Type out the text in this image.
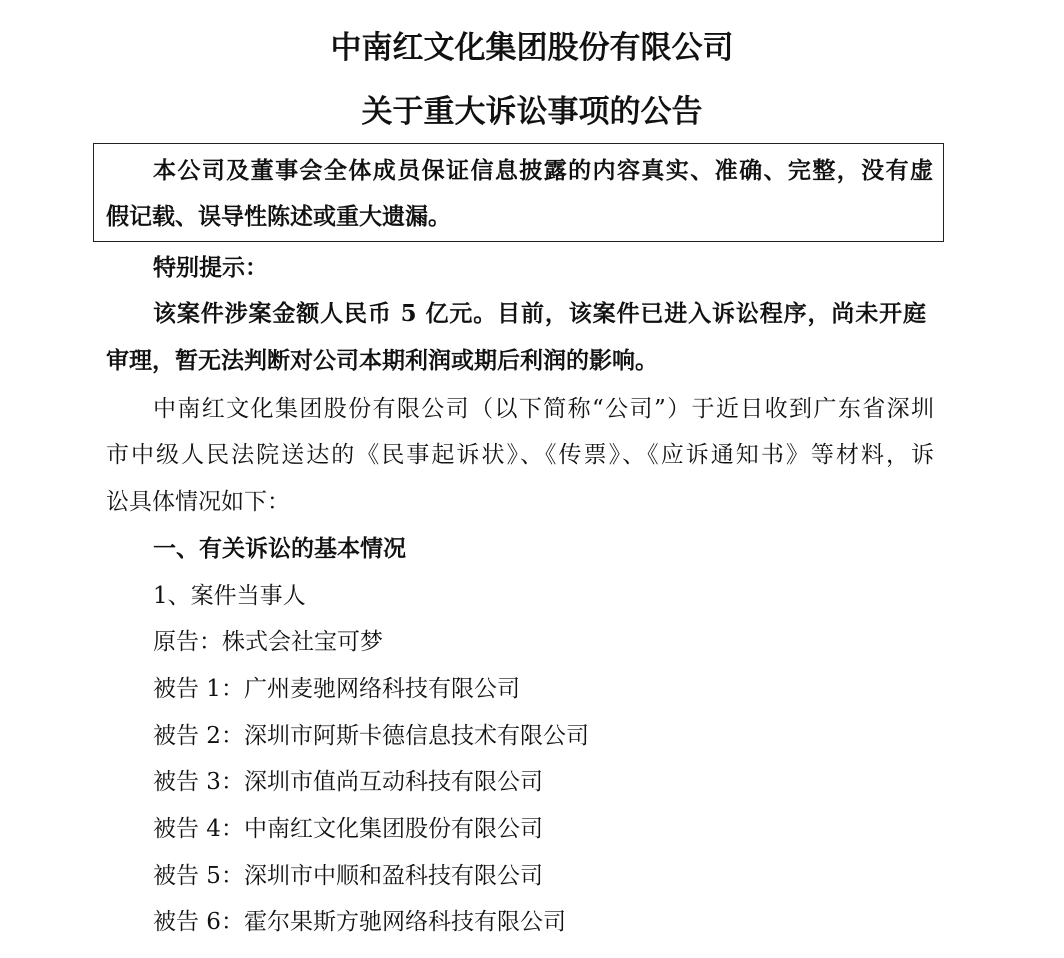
中南红文化集团股份有限公司
关于重大诉讼事项的公告
本公司及董事会全体成员保证信息披露的内容真实、准确、完整，没有虚
假记载、误导性陈述或重大遗漏。
特别提示：
该案件涉案金额人民币 5 亿元。目前，该案件已进入诉讼程序，尚未开庭
审理，暂无法判断对公司本期利润或期后利润的影响。
中南红文化集团股份有限公司（以下简称“公司”）于近日收到广东省深圳
市中级人民法院送达的《民事起诉状》、《传票》、《应诉通知书》等材料，诉
讼具体情况如下：
一、有关诉讼的基本情况
1、案件当事人
原告：株式会社宝可梦
被告 1：广州麦驰网络科技有限公司
被告 2：深圳市阿斯卡德信息技术有限公司
被告 3：深圳市值尚互动科技有限公司
被告 4：中南红文化集团股份有限公司
被告 5：深圳市中顺和盈科技有限公司
被告 6：霍尔果斯方驰网络科技有限公司
